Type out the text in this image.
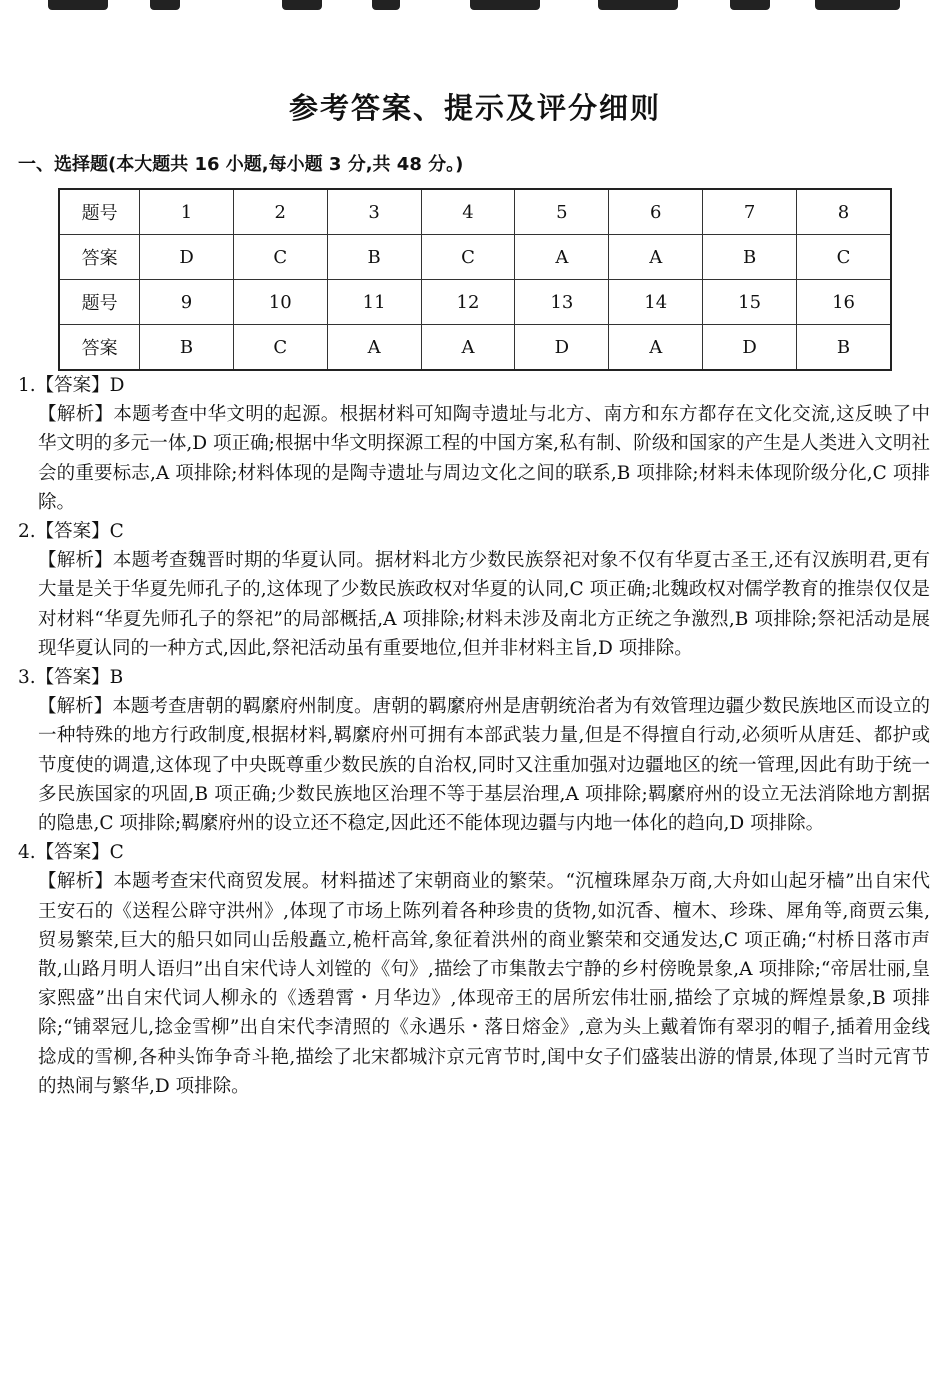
参考答案、提示及评分细则
一、选择题(本大题共 16 小题,每小题 3 分,共 48 分。)
题号	1	2	3	4	5	6	7	8
答案	D	C	B	C	A	A	B	C
题号	9	10	11	12	13	14	15	16
答案	B	C	A	A	D	A	D	B
1.【答案】D

【解析】本题考查中华文明的起源。根据材料可知陶寺遗址与北方、南方和东方都存在文化交流,这反映了中华文明的多元一体,D 项正确;根据中华文明探源工程的中国方案,私有制、阶级和国家的产生是人类进入文明社会的重要标志,A 项排除;材料体现的是陶寺遗址与周边文化之间的联系,B 项排除;材料未体现阶级分化,C 项排除。

2.【答案】C

【解析】本题考查魏晋时期的华夏认同。据材料北方少数民族祭祀对象不仅有华夏古圣王,还有汉族明君,更有大量是关于华夏先师孔子的,这体现了少数民族政权对华夏的认同,C 项正确;北魏政权对儒学教育的推崇仅仅是对材料“华夏先师孔子的祭祀”的局部概括,A 项排除;材料未涉及南北方正统之争激烈,B 项排除;祭祀活动是展现华夏认同的一种方式,因此,祭祀活动虽有重要地位,但并非材料主旨,D 项排除。

3.【答案】B

【解析】本题考查唐朝的羁縻府州制度。唐朝的羁縻府州是唐朝统治者为有效管理边疆少数民族地区而设立的一种特殊的地方行政制度,根据材料,羁縻府州可拥有本部武装力量,但是不得擅自行动,必须听从唐廷、都护或节度使的调遣,这体现了中央既尊重少数民族的自治权,同时又注重加强对边疆地区的统一管理,因此有助于统一多民族国家的巩固,B 项正确;少数民族地区治理不等于基层治理,A 项排除;羁縻府州的设立无法消除地方割据的隐患,C 项排除;羁縻府州的设立还不稳定,因此还不能体现边疆与内地一体化的趋向,D 项排除。

4.【答案】C

【解析】本题考查宋代商贸发展。材料描述了宋朝商业的繁荣。“沉檀珠犀杂万商,大舟如山起牙樯”出自宋代王安石的《送程公辟守洪州》,体现了市场上陈列着各种珍贵的货物,如沉香、檀木、珍珠、犀角等,商贾云集,贸易繁荣,巨大的船只如同山岳般矗立,桅杆高耸,象征着洪州的商业繁荣和交通发达,C 项正确;“村桥日落市声散,山路月明人语归”出自宋代诗人刘镗的《句》,描绘了市集散去宁静的乡村傍晚景象,A 项排除;“帝居壮丽,皇家熙盛”出自宋代词人柳永的《透碧霄・月华边》,体现帝王的居所宏伟壮丽,描绘了京城的辉煌景象,B 项排除;“铺翠冠儿,捻金雪柳”出自宋代李清照的《永遇乐・落日熔金》,意为头上戴着饰有翠羽的帽子,插着用金线捻成的雪柳,各种头饰争奇斗艳,描绘了北宋都城汴京元宵节时,闺中女子们盛装出游的情景,体现了当时元宵节的热闹与繁华,D 项排除。
